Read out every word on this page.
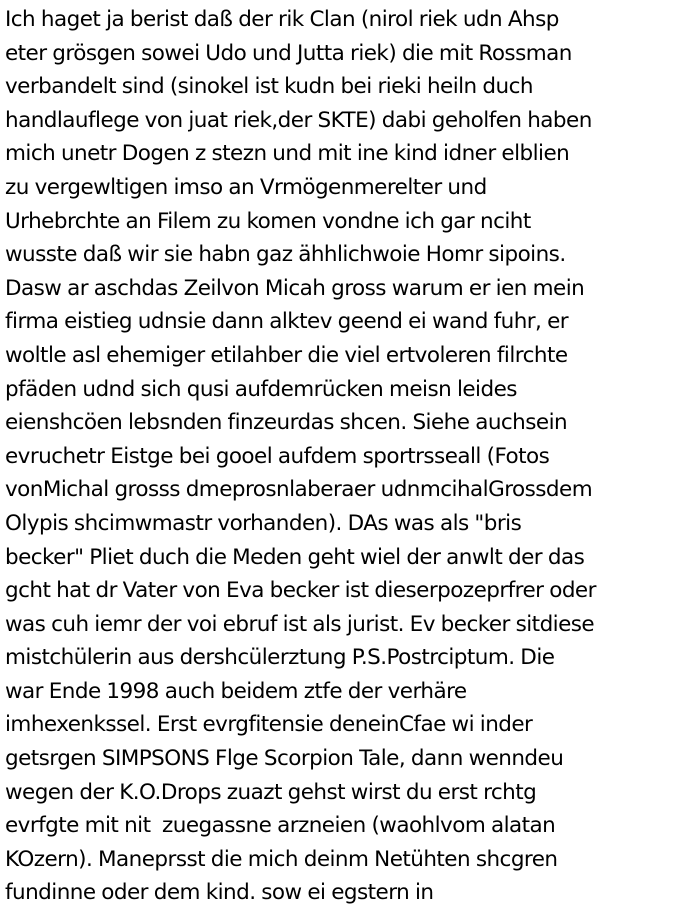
Ich haget ja berist daß der rik Clan (nirol riek udn Ahsp
eter grösgen sowei Udo und Jutta riek) die mit Rossman
verbandelt sind (sinokel ist kudn bei rieki heiln duch
handlauflege von juat riek,der SKTE) dabi geholfen haben
mich unetr Dogen z stezn und mit ine kind idner elblien
zu vergewltigen imso an Vrmögenmerelter und
Urhebrchte an Filem zu komen vondne ich gar nciht
wusste daß wir sie habn gaz ähhlichwoie Homr sipoins.
Dasw ar aschdas Zeilvon Micah gross warum er ien mein
firma eistieg udnsie dann alktev geend ei wand fuhr, er
woltle asl ehemiger etilahber die viel ertvoleren filrchte
pfäden udnd sich qusi aufdemrücken meisn leides
eienshcöen lebsnden finzeurdas shcen. Siehe auchsein
evruchetr Eistge bei gooel aufdem sportrsseall (Fotos
vonMichal grosss dmeprosnlaberaer udnmcihalGrossdem
Olypis shcimwmastr vorhanden). DAs was als "bris
becker" Pliet duch die Meden geht wiel der anwlt der das
gcht hat dr Vater von Eva becker ist dieserpozeprfrer oder
was cuh iemr der voi ebruf ist als jurist. Ev becker sitdiese
mistchülerin aus dershcülerztung P.S.Postrciptum. Die
war Ende 1998 auch beidem ztfe der verhäre
imhexenkssel. Erst evrgfitensie deneinCfae wi inder
getsrgen SIMPSONS Flge Scorpion Tale, dann wenndeu
wegen der K.O.Drops zuazt gehst wirst du erst rchtg
evrfgte mit nit  zuegassne arzneien (waohlvom alatan
KOzern). Maneprsst die mich deinm Netühten shcgren
fundinne oder dem kind. sow ei egstern in
